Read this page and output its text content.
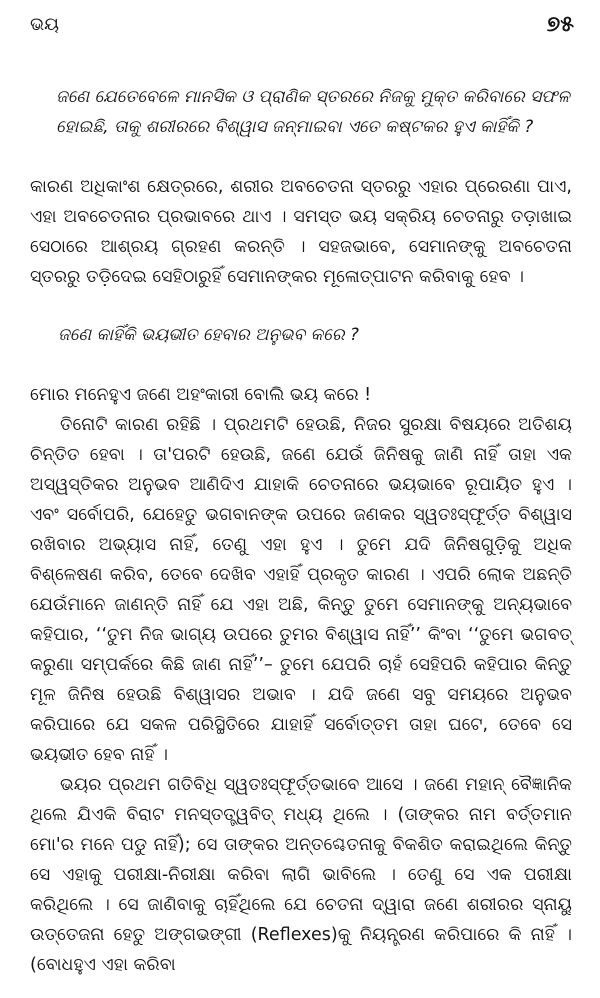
ଭୟ	୭୫

ଜଣେ ଯେତେବେଳେ ମାନସିକ ଓ ପ୍ରାଣିକ ସ୍ତରରେ ନିଜକୁ ମୁକ୍ତ କରିବାରେ ସଫଳ ହୋଇଛି, ତାକୁ ଶରୀରରେ ବିଶ୍ୱାସ ଜନ୍ମାଇବା ଏତେ କଷ୍ଟକର ହୁଏ କାହିଁକି ?

କାରଣ ଅଧିକାଂଶ କ୍ଷେତ୍ରରେ, ଶରୀର ଅବଚେତନା ସ୍ତରରୁ ଏହାର ପ୍ରେରଣା ପାଏ, ଏହା ଅବଚେତନାର ପ୍ରଭାବରେ ଥାଏ । ସମସ୍ତ ଭୟ ସକ୍ରିୟ ଚେତନାରୁ ତଡ଼ାଖାଇ ସେଠାରେ ଆଶ୍ରୟ ଗ୍ରହଣ କରନ୍ତି । ସହଜଭାବେ, ସେମାନଙ୍କୁ ଅବଚେତନା ସ୍ତରରୁ ତଡ଼ିଦେଇ ସେହିଠାରୁହିଁ ସେମାନଙ୍କର ମୂଳୋତ୍ପାଟନ କରିବାକୁ ହେବ ।

ଜଣେ କାହିଁକି ଭୟଭୀତ ହେବାର ଅନୁଭବ କରେ ?

ମୋର ମନେହୁଏ ଜଣେ ଅହଂକାରୀ ବୋଲି ଭୟ କରେ !

ତିନୋଟି କାରଣ ରହିଛି । ପ୍ରଥମଟି ହେଉଛି, ନିଜର ସୁରକ୍ଷା ବିଷୟରେ ଅତିଶୟ ଚିନ୍ତିତ ହେବା । ତା'ପରଟି ହେଉଛି, ଜଣେ ଯେଉଁ ଜିନିଷକୁ ଜାଣି ନାହିଁ ତାହା ଏକ ଅସ୍ୱସ୍ତିକର ଅନୁଭବ ଆଣିଦିଏ ଯାହାକି ଚେତନାରେ ଭୟଭାବେ ରୂପାୟିତ ହୁଏ । ଏବଂ ସର୍ବୋପରି, ଯେହେତୁ ଭଗବାନଙ୍କ ଉପରେ ଜଣକର ସ୍ୱତଃସ୍ଫୂର୍ତ୍ତ ବିଶ୍ୱାସ ରଖିବାର ଅଭ୍ୟାସ ନାହିଁ, ତେଣୁ ଏହା ହୁଏ । ତୁମେ ଯଦି ଜିନିଷଗୁଡ଼ିକୁ ଅଧିକ ବିଶ୍ଳେଷଣ କରିବ, ତେବେ ଦେଖିବ ଏହାହିଁ ପ୍ରକୃତ କାରଣ । ଏପରି ଲୋକ ଅଛନ୍ତି ଯେଉଁମାନେ ଜାଣନ୍ତି ନାହିଁ ଯେ ଏହା ଅଛି, କିନ୍ତୁ ତୁମେ ସେମାନଙ୍କୁ ଅନ୍ୟଭାବେ କହିପାର, ‘‘ତୁମ ନିଜ ଭାଗ୍ୟ ଉପରେ ତୁମର ବିଶ୍ୱାସ ନାହିଁ’’ କିଂବା ‘‘ତୁମେ ଭଗବତ୍ କରୁଣା ସମ୍ପର୍କରେ କିଛି ଜାଣ ନାହିଁ’’– ତୁମେ ଯେପରି ଚାହଁ ସେହିପରି କହିପାର କିନ୍ତୁ ମୂଳ ଜିନିଷ ହେଉଛି ବିଶ୍ୱାସର ଅଭାବ । ଯଦି ଜଣେ ସବୁ ସମୟରେ ଅନୁଭବ କରିପାରେ ଯେ ସକଳ ପରିସ୍ଥିତିରେ ଯାହାହିଁ ସର୍ବୋତ୍ତମ ତାହା ଘଟେ, ତେବେ ସେ ଭୟଭୀତ ହେବ ନାହିଁ ।

ଭୟର ପ୍ରଥମ ଗତିବିଧି ସ୍ୱତଃସ୍ଫୂର୍ତ୍ତଭାବେ ଆସେ । ଜଣେ ମହାନ୍ ବୈଜ୍ଞାନିକ ଥିଲେ ଯିଏକି ବିରାଟ ମନସ୍ତତ୍ତ୍ୱବିତ୍ ମଧ୍ୟ ଥିଲେ । (ତାଙ୍କର ନାମ ବର୍ତ୍ତମାନ ମୋ'ର ମନେ ପଡୁ ନାହିଁ); ସେ ତାଙ୍କର ଅନ୍ତଶ୍ଚେତନାକୁ ବିକଶିତ କରାଇଥିଲେ କିନ୍ତୁ ସେ ଏହାକୁ ପରୀକ୍ଷା-ନିରୀକ୍ଷା କରିବା ଲାଗି ଭାବିଲେ । ତେଣୁ ସେ ଏକ ପରୀକ୍ଷା କରିଥିଲେ । ସେ ଜାଣିବାକୁ ଚାହିଁଥିଲେ ଯେ ଚେତନା ଦ୍ୱାରା ଜଣେ ଶରୀରର ସ୍ନାୟୁ ଉତ୍ତେଜନା ହେତୁ ଅଙ୍ଗଭଙ୍ଗୀ (Reflexes)କୁ ନିୟନ୍ତ୍ରଣ କରିପାରେ କି ନାହିଁ । (ବୋଧହୁଏ ଏହା କରିବା
